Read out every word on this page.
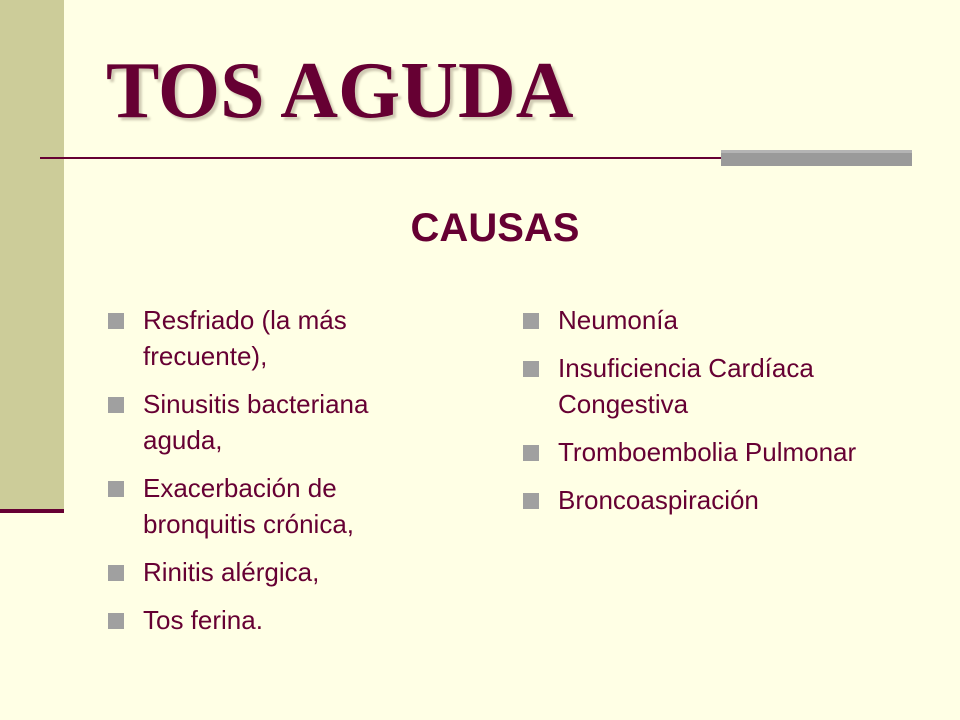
TOS AGUDA
CAUSAS
Resfriado (la más frecuente),
Sinusitis bacteriana aguda,
Exacerbación de bronquitis crónica,
Rinitis alérgica,
Tos ferina.
Neumonía
Insuficiencia Cardíaca Congestiva
Tromboembolia Pulmonar
Broncoaspiración
